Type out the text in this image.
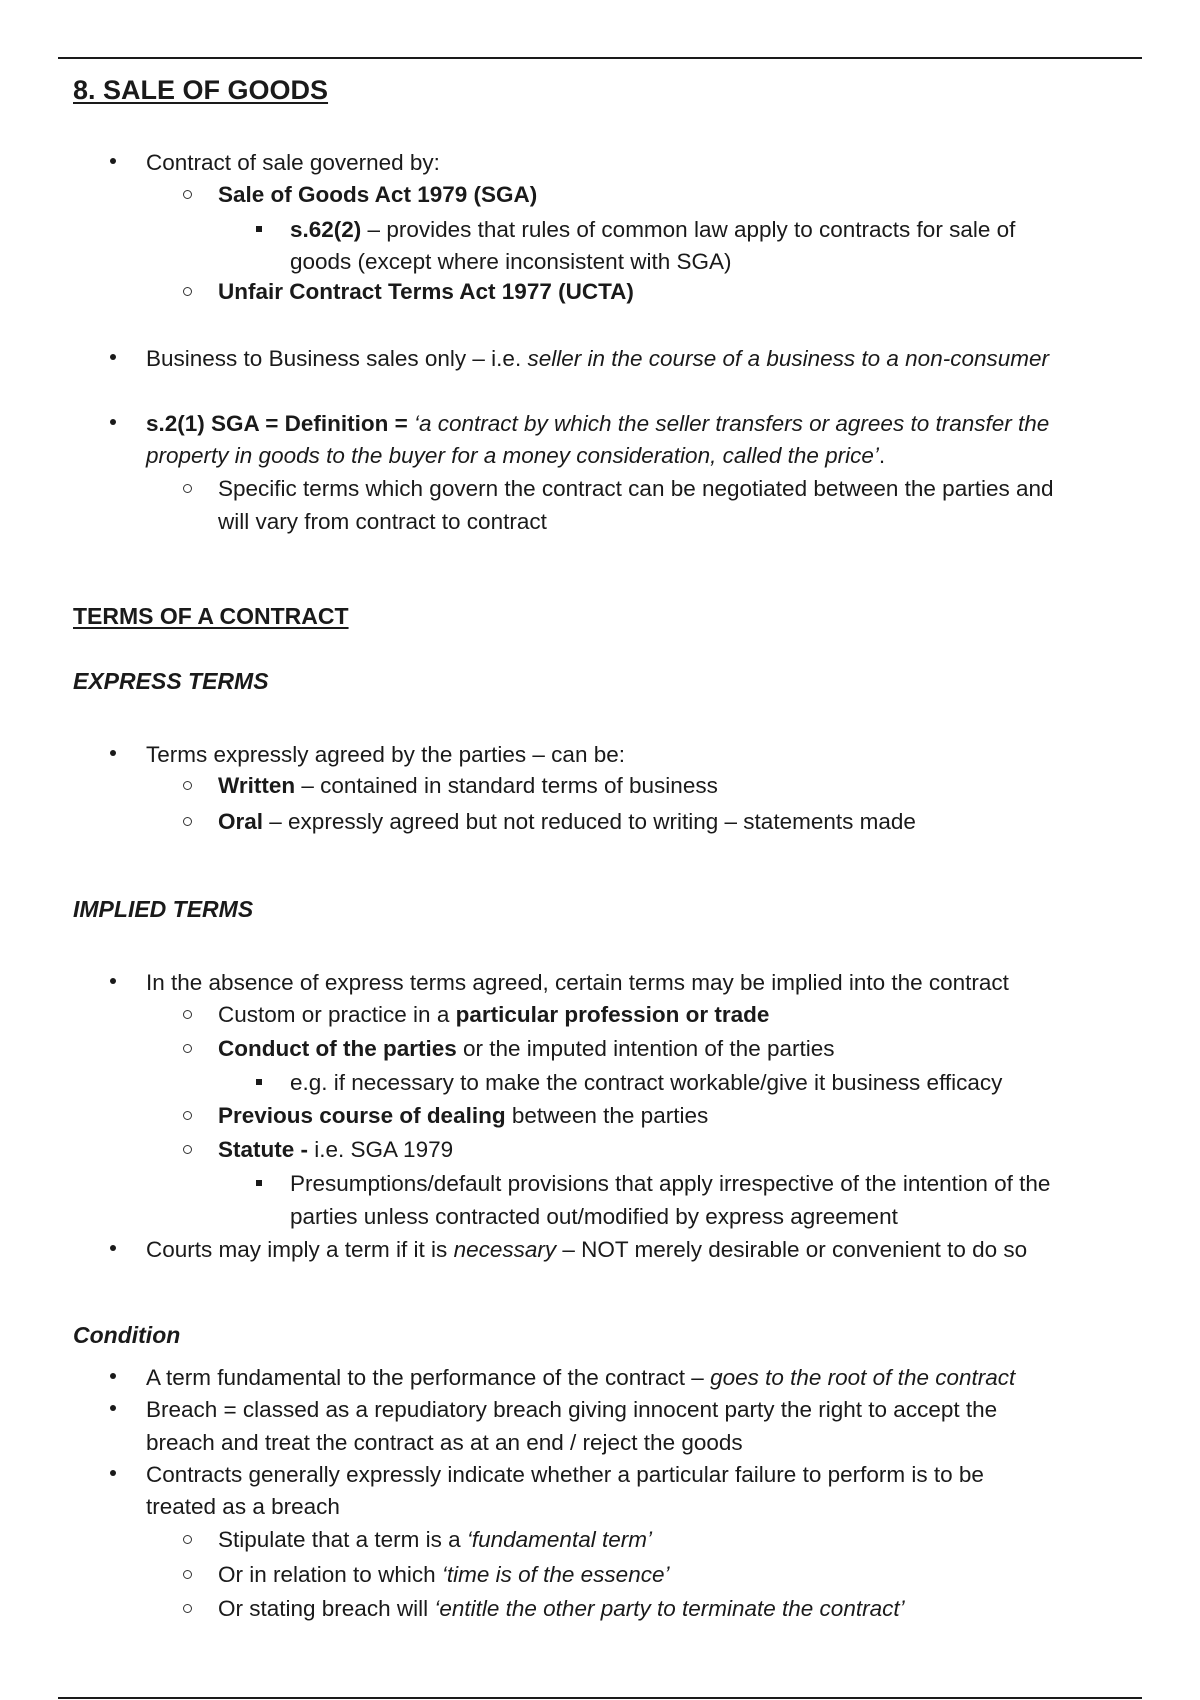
8. SALE OF GOODS
Contract of sale governed by:
Sale of Goods Act 1979 (SGA)
s.62(2) – provides that rules of common law apply to contracts for sale of
goods (except where inconsistent with SGA)
Unfair Contract Terms Act 1977 (UCTA)
Business to Business sales only – i.e. seller in the course of a business to a non-consumer
s.2(1) SGA = Definition = ‘a contract by which the seller transfers or agrees to transfer the
property in goods to the buyer for a money consideration, called the price’.
Specific terms which govern the contract can be negotiated between the parties and
will vary from contract to contract
TERMS OF A CONTRACT
EXPRESS TERMS
Terms expressly agreed by the parties – can be:
Written – contained in standard terms of business
Oral – expressly agreed but not reduced to writing – statements made
IMPLIED TERMS
In the absence of express terms agreed, certain terms may be implied into the contract
Custom or practice in a particular profession or trade
Conduct of the parties or the imputed intention of the parties
e.g. if necessary to make the contract workable/give it business efficacy
Previous course of dealing between the parties
Statute - i.e. SGA 1979
Presumptions/default provisions that apply irrespective of the intention of the
parties unless contracted out/modified by express agreement
Courts may imply a term if it is necessary – NOT merely desirable or convenient to do so
Condition
A term fundamental to the performance of the contract – goes to the root of the contract
Breach = classed as a repudiatory breach giving innocent party the right to accept the
breach and treat the contract as at an end / reject the goods
Contracts generally expressly indicate whether a particular failure to perform is to be
treated as a breach
Stipulate that a term is a ‘fundamental term’
Or in relation to which ‘time is of the essence’
Or stating breach will ‘entitle the other party to terminate the contract’
